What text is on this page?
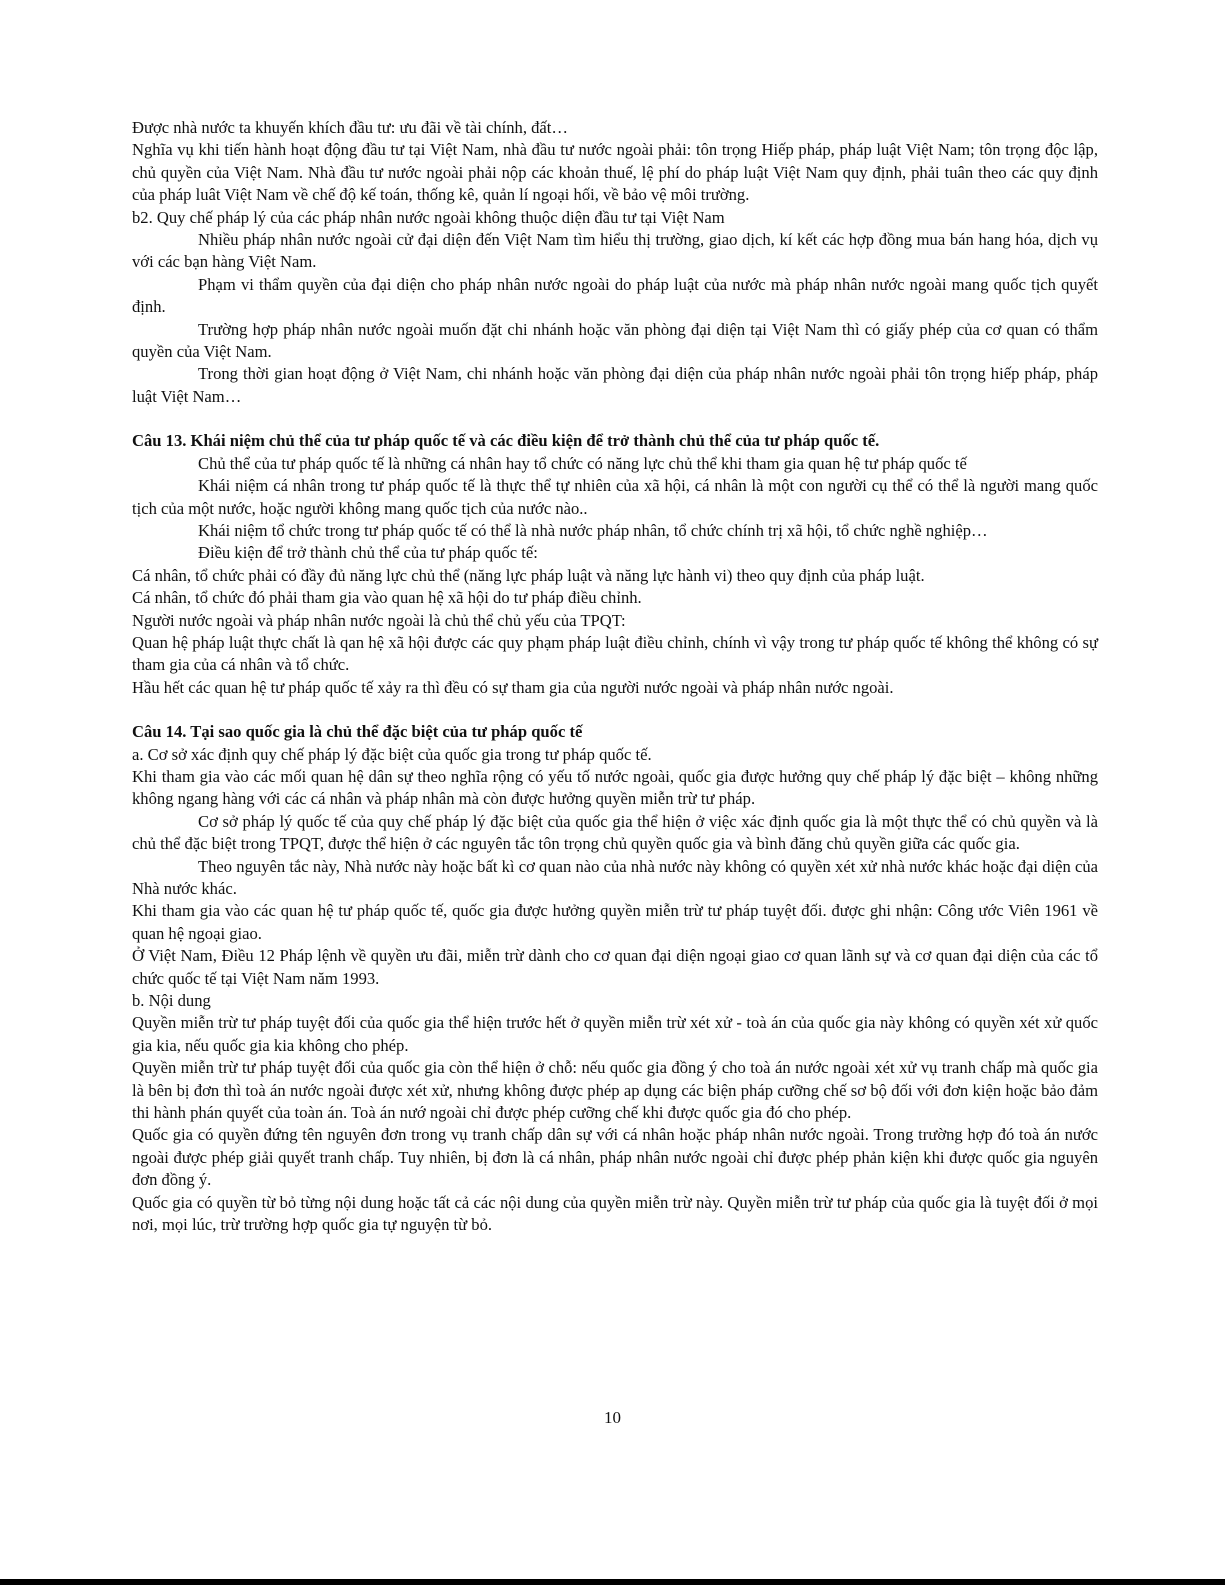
Được nhà nước ta khuyến khích đầu tư: ưu đãi về tài chính, đất…

Nghĩa vụ khi tiến hành hoạt động đầu tư tại Việt Nam, nhà đầu tư nước ngoài phải: tôn trọng Hiếp pháp, pháp luật Việt Nam; tôn trọng độc lập, chủ quyền của Việt Nam. Nhà đầu tư nước ngoài phải nộp các khoản thuế, lệ phí do pháp luật Việt Nam quy định, phải tuân theo các quy định của pháp luât Việt Nam về chế độ kế toán, thống kê, quản lí ngoại hối, về bảo vệ môi trường.

b2. Quy chế pháp lý của các pháp nhân nước ngoài không thuộc diện đầu tư tại Việt Nam

Nhiều pháp nhân nước ngoài cử đại diện đến Việt Nam tìm hiểu thị trường, giao dịch, kí kết các hợp đồng mua bán hang hóa, dịch vụ với các bạn hàng Việt Nam.

Phạm vi thẩm quyền của đại diện cho pháp nhân nước ngoài do pháp luật của nước mà pháp nhân nước ngoài mang quốc tịch quyết định.

Trường hợp pháp nhân nước ngoài muốn đặt chi nhánh hoặc văn phòng đại diện tại Việt Nam thì có giấy phép của cơ quan có thẩm quyền của Việt Nam.

Trong thời gian hoạt động ở Việt Nam, chi nhánh hoặc văn phòng đại diện của pháp nhân nước ngoài phải tôn trọng hiếp pháp, pháp luật Việt Nam…

Câu 13. Khái niệm chủ thể của tư pháp quốc tế và các điều kiện để trở thành chủ thể của tư pháp quốc tế.

Chủ thể của tư pháp quốc tế là những cá nhân hay tổ chức có năng lực chủ thể khi tham gia quan hệ tư pháp quốc tế

Khái niệm cá nhân trong tư pháp quốc tế là thực thể tự nhiên của xã hội, cá nhân là một con người cụ thể có thể là người mang quốc tịch của một nước, hoặc người không mang quốc tịch của nước nào..

Khái niệm tổ chức trong tư pháp quốc tế có thể là nhà nước pháp nhân, tổ chức chính trị xã hội, tổ chức nghề nghiệp…

Điều kiện để trở thành chủ thể của tư pháp quốc tế:

Cá nhân, tổ chức phải có đầy đủ năng lực chủ thể (năng lực pháp luật và năng lực hành vi) theo quy định của pháp luật.

Cá nhân, tổ chức đó phải tham gia vào quan hệ xã hội do tư pháp điều chỉnh.

Người nước ngoài và pháp nhân nước ngoài là chủ thể chủ yếu của TPQT:

Quan hệ pháp luật thực chất là qan hệ xã hội được các quy phạm pháp luật điều chỉnh, chính vì vậy trong tư pháp quốc tế không thể không có sự tham gia của cá nhân và tổ chức.

Hầu hết các quan hệ tư pháp quốc tế xảy ra thì đều có sự tham gia của người nước ngoài và pháp nhân nước ngoài.

Câu 14. Tại sao quốc gia là chủ thể đặc biệt của tư pháp quốc tế

a. Cơ sở xác định quy chế pháp lý đặc biệt của quốc gia trong tư pháp quốc tế.

Khi tham gia vào các mối quan hệ dân sự theo nghĩa rộng có yếu tố nước ngoài, quốc gia được hưởng quy chế pháp lý đặc biệt – không những không ngang hàng với các cá nhân và pháp nhân mà còn được hưởng quyền miễn trừ tư pháp.

Cơ sở pháp lý quốc tế của quy chế pháp lý đặc biệt của quốc gia thể hiện ở việc xác định quốc gia là một thực thể có chủ quyền và là chủ thể đặc biệt trong TPQT, được thể hiện ở các nguyên tắc tôn trọng chủ quyền quốc gia và bình đăng chủ quyền giữa các quốc gia.

Theo nguyên tắc này, Nhà nước này hoặc bất kì cơ quan nào của nhà nước này không có quyền xét xử nhà nước khác hoặc đại diện của Nhà nước khác.

Khi tham gia vào các quan hệ tư pháp quốc tế, quốc gia được hưởng quyền miễn trừ tư pháp tuyệt đối. được ghi nhận: Công ước Viên 1961 về quan hệ ngoại giao.

Ở Việt Nam, Điều 12 Pháp lệnh về quyền ưu đãi, miễn trừ dành cho cơ quan đại diện ngoại giao cơ quan lãnh sự và cơ quan đại diện của các tổ chức quốc tế tại Việt Nam năm 1993.

b. Nội dung

Quyền miễn trừ tư pháp tuyệt đối của quốc gia thể hiện trước hết ở quyền miễn trừ xét xử - toà án của quốc gia này không có quyền xét xử quốc gia kia, nếu quốc gia kia không cho phép.

Quyền miễn trừ tư pháp tuyệt đối của quốc gia còn thể hiện ở chỗ: nếu quốc gia đồng ý cho toà án nước ngoài xét xử vụ tranh chấp mà quốc gia là bên bị đơn thì toà án nước ngoài được xét xử, nhưng không được phép ap dụng các biện pháp cưỡng chế sơ bộ đối với đơn kiện hoặc bảo đảm thi hành phán quyết của toàn án. Toà án nướ ngoài chỉ được phép cưỡng chế khi được quốc gia đó cho phép.

Quốc gia có quyền đứng tên nguyên đơn trong vụ tranh chấp dân sự với cá nhân hoặc pháp nhân nước ngoài. Trong trường hợp đó toà án nước ngoài được phép giải quyết tranh chấp. Tuy nhiên, bị đơn là cá nhân, pháp nhân nước ngoài chỉ được phép phản kiện khi được quốc gia nguyên đơn đồng ý.

Quốc gia có quyền từ bỏ từng nội dung hoặc tất cả các nội dung của quyền miễn trừ này. Quyền miễn trừ tư pháp của quốc gia là tuyệt đối ở mọi nơi, mọi lúc, trừ trường hợp quốc gia tự nguyện từ bỏ.

10
